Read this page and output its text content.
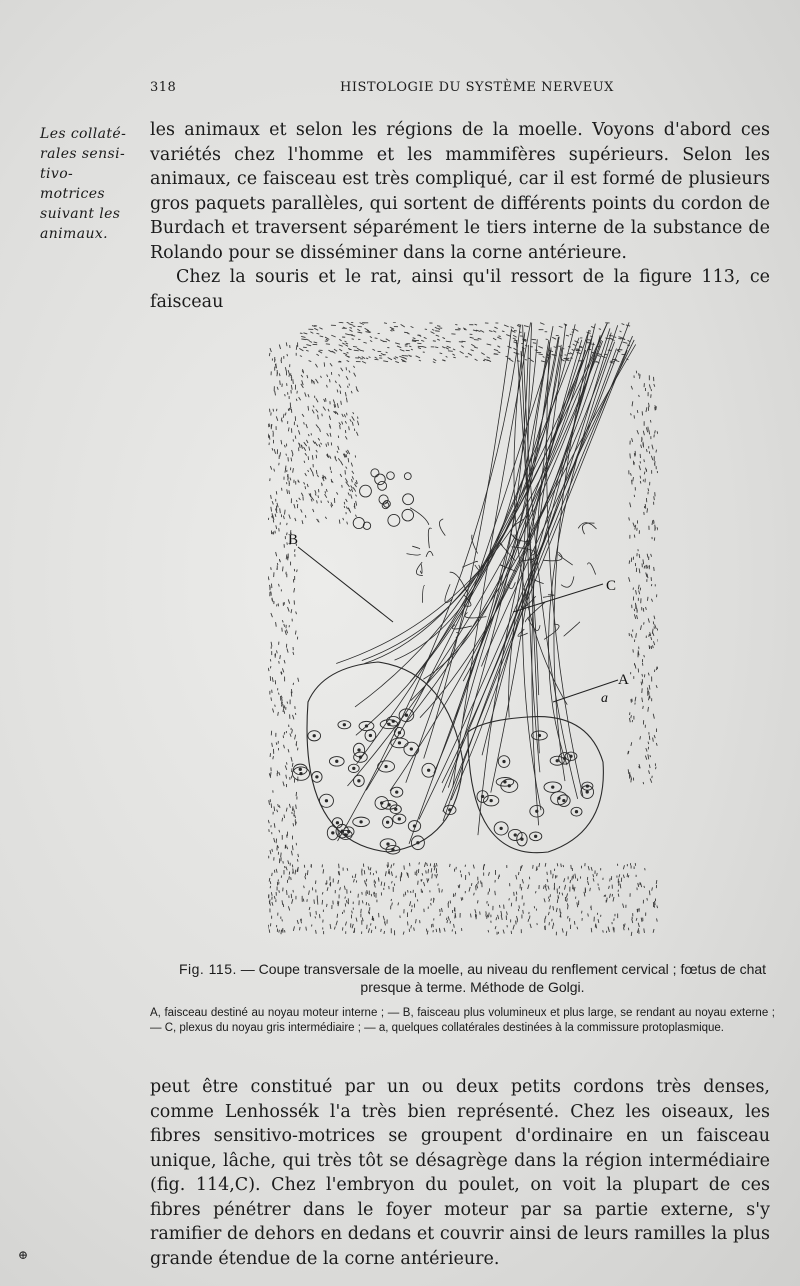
318	HISTOLOGIE DU SYSTÈME NERVEUX
Les collaté-
rales sensi-
tivo-motrices
suivant les
animaux.

les animaux et selon les régions de la moelle. Voyons d'abord ces variétés chez l'homme et les mammifères supérieurs. Selon les animaux, ce faisceau est très compliqué, car il est formé de plusieurs gros paquets parallèles, qui sortent de différents points du cordon de Burdach et traversent séparément le tiers interne de la substance de Rolando pour se disséminer dans la corne antérieure.

Chez la souris et le rat, ainsi qu'il ressort de la figure 113, ce faisceau

B
C
A
a
Fig. 115. — Coupe transversale de la moelle, au niveau du renflement cervical ; fœtus de chat presque à terme. Méthode de Golgi.
A, faisceau destiné au noyau moteur interne ; — B, faisceau plus volumineux et plus large, se rendant au noyau externe ; — C, plexus du noyau gris intermédiaire ; — a, quelques collatérales destinées à la commissure protoplasmique.

peut être constitué par un ou deux petits cordons très denses, comme Lenhossék l'a très bien représenté. Chez les oiseaux, les fibres sensitivo-motrices se groupent d'ordinaire en un faisceau unique, lâche, qui très tôt se désagrège dans la région intermédiaire (fig. 114,C). Chez l'embryon du poulet, on voit la plupart de ces fibres pénétrer dans le foyer moteur par sa partie externe, s'y ramifier de dehors en dedans et couvrir ainsi de leurs ramilles la plus grande étendue de la corne antérieure.

⊕
